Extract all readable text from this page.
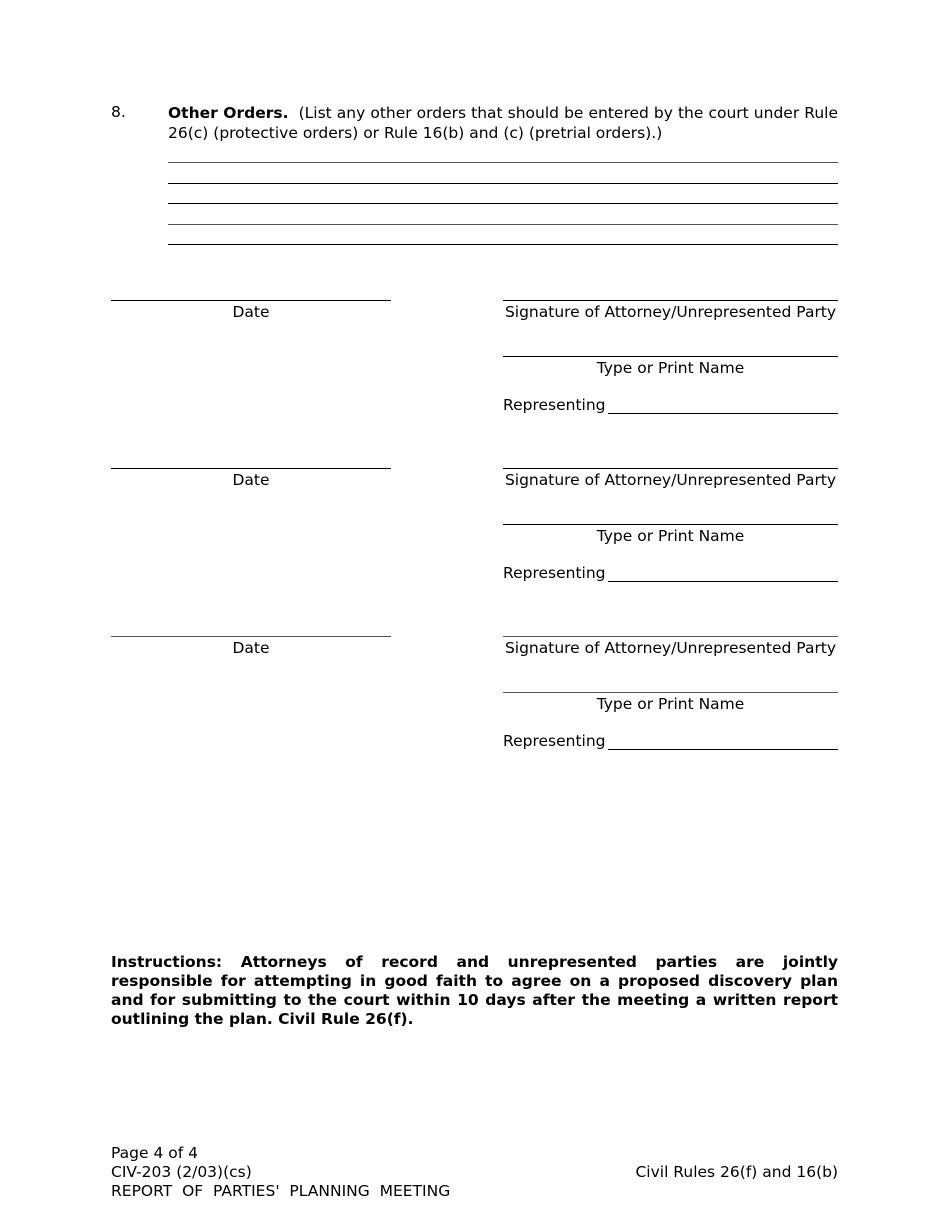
8.	Other Orders. (List any other orders that should be entered by the court under Rule 26(c) (protective orders) or Rule 16(b) and (c) (pretrial orders).)
Date	Signature of Attorney/Unrepresented Party
Type or Print Name
Representing
Date	Signature of Attorney/Unrepresented Party
Type or Print Name
Representing
Date	Signature of Attorney/Unrepresented Party
Type or Print Name
Representing
Instructions: Attorneys of record and unrepresented parties are jointly responsible for attempting in good faith to agree on a proposed discovery plan and for submitting to the court within 10 days after the meeting a written report outlining the plan. Civil Rule 26(f).
Page 4 of 4
CIV-203 (2/03)(cs)
REPORT  OF  PARTIES'  PLANNING  MEETING
Civil Rules 26(f) and 16(b)
